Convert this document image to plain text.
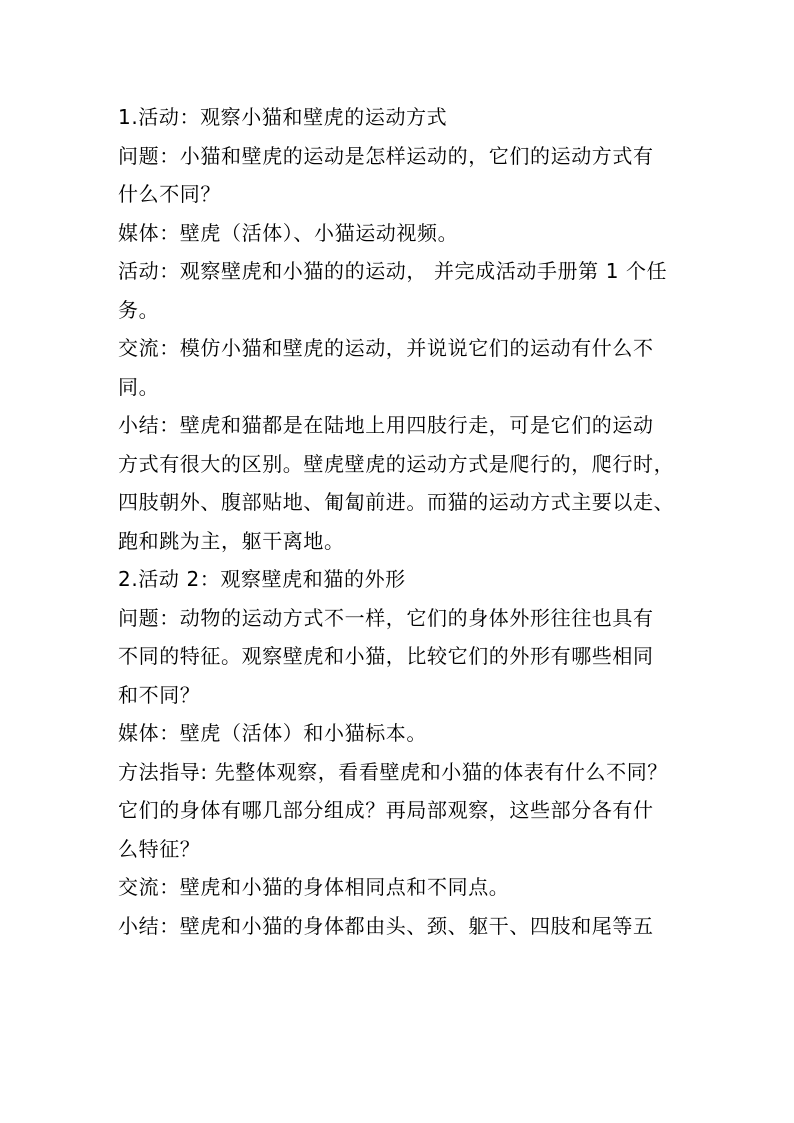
1.活动：观察小猫和壁虎的运动方式

问题：小猫和壁虎的运动是怎样运动的，它们的运动方式有

什么不同？

媒体：壁虎（活体）、小猫运动视频。

活动：观察壁虎和小猫的的运动， 并完成活动手册第 1 个任

务。

交流：模仿小猫和壁虎的运动，并说说它们的运动有什么不

同。

小结：壁虎和猫都是在陆地上用四肢行走，可是它们的运动

方式有很大的区别。壁虎壁虎的运动方式是爬行的，爬行时，

四肢朝外、腹部贴地、匍匐前进。而猫的运动方式主要以走、

跑和跳为主，躯干离地。

2.活动 2：观察壁虎和猫的外形

问题：动物的运动方式不一样，它们的身体外形往往也具有

不同的特征。观察壁虎和小猫，比较它们的外形有哪些相同

和不同？

媒体：壁虎（活体）和小猫标本。

方法指导: 先整体观察，看看壁虎和小猫的体表有什么不同？

它们的身体有哪几部分组成？再局部观察，这些部分各有什

么特征？

交流：壁虎和小猫的身体相同点和不同点。

小结：壁虎和小猫的身体都由头、颈、躯干、四肢和尾等五
